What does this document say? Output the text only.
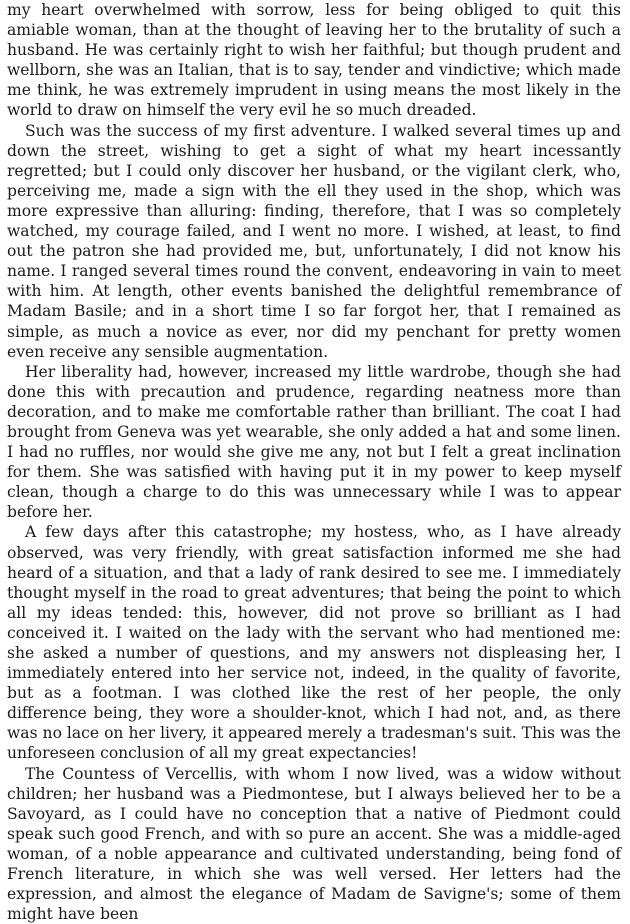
my heart overwhelmed with sorrow, less for being obliged to quit this amiable woman, than at the thought of leaving her to the brutality of such a husband. He was certainly right to wish her faithful; but though prudent and wellborn, she was an Italian, that is to say, tender and vindictive; which made me think, he was extremely imprudent in using means the most likely in the world to draw on himself the very evil he so much dreaded.

Such was the success of my first adventure. I walked several times up and down the street, wishing to get a sight of what my heart incessantly regretted; but I could only discover her husband, or the vigilant clerk, who, perceiving me, made a sign with the ell they used in the shop, which was more expressive than alluring: finding, therefore, that I was so completely watched, my courage failed, and I went no more. I wished, at least, to find out the patron she had provided me, but, unfortunately, I did not know his name. I ranged several times round the convent, endeavoring in vain to meet with him. At length, other events banished the delightful remembrance of Madam Basile; and in a short time I so far forgot her, that I remained as simple, as much a novice as ever, nor did my penchant for pretty women even receive any sensible augmentation.

Her liberality had, however, increased my little wardrobe, though she had done this with precaution and prudence, regarding neatness more than decoration, and to make me comfortable rather than brilliant. The coat I had brought from Geneva was yet wearable, she only added a hat and some linen. I had no ruffles, nor would she give me any, not but I felt a great inclination for them. She was satisfied with having put it in my power to keep myself clean, though a charge to do this was unnecessary while I was to appear before her.

A few days after this catastrophe; my hostess, who, as I have already observed, was very friendly, with great satisfaction informed me she had heard of a situation, and that a lady of rank desired to see me. I immediately thought myself in the road to great adventures; that being the point to which all my ideas tended: this, however, did not prove so brilliant as I had conceived it. I waited on the lady with the servant who had mentioned me: she asked a number of questions, and my answers not displeasing her, I immediately entered into her service not, indeed, in the quality of favorite, but as a footman. I was clothed like the rest of her people, the only difference being, they wore a shoulder-knot, which I had not, and, as there was no lace on her livery, it appeared merely a tradesman's suit. This was the unforeseen conclusion of all my great expectancies!

The Countess of Vercellis, with whom I now lived, was a widow without children; her husband was a Piedmontese, but I always believed her to be a Savoyard, as I could have no conception that a native of Piedmont could speak such good French, and with so pure an accent. She was a middle-aged woman, of a noble appearance and cultivated understanding, being fond of French literature, in which she was well versed. Her letters had the expression, and almost the elegance of Madam de Savigne's; some of them might have been
